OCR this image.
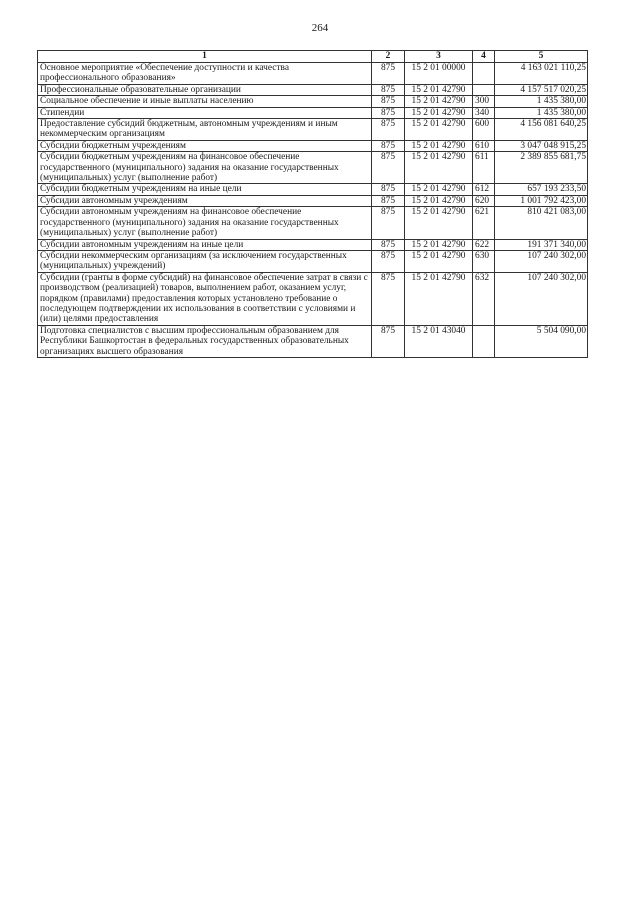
264
1	2	3	4	5
Основное мероприятие «Обеспечение доступности и качества профессионального образования»	875	15 2 01 00000		4 163 021 110,25
Профессиональные образовательные организации	875	15 2 01 42790		4 157 517 020,25
Социальное обеспечение и иные выплаты населению	875	15 2 01 42790	300	1 435 380,00
Стипендии	875	15 2 01 42790	340	1 435 380,00
Предоставление субсидий бюджетным, автономным учреждениям и иным некоммерческим организациям	875	15 2 01 42790	600	4 156 081 640,25
Субсидии бюджетным учреждениям	875	15 2 01 42790	610	3 047 048 915,25
Субсидии бюджетным учреждениям на финансовое обеспечение государственного (муниципального) задания на оказание государственных (муниципальных) услуг (выполнение работ)	875	15 2 01 42790	611	2 389 855 681,75
Субсидии бюджетным учреждениям на иные цели	875	15 2 01 42790	612	657 193 233,50
Субсидии автономным учреждениям	875	15 2 01 42790	620	1 001 792 423,00
Субсидии автономным учреждениям на финансовое обеспечение государственного (муниципального) задания на оказание государственных (муниципальных) услуг (выполнение работ)	875	15 2 01 42790	621	810 421 083,00
Субсидии автономным учреждениям на иные цели	875	15 2 01 42790	622	191 371 340,00
Субсидии некоммерческим организациям (за исключением государственных (муниципальных) учреждений)	875	15 2 01 42790	630	107 240 302,00
Субсидии (гранты в форме субсидий) на финансовое обеспечение затрат в связи с производством (реализацией) товаров, выполнением работ, оказанием услуг, порядком (правилами) предоставления которых установлено требование о последующем подтверждении их использования в соответствии с условиями и (или) целями предоставления	875	15 2 01 42790	632	107 240 302,00
Подготовка специалистов с высшим профессиональным образованием для Республики Башкортостан в федеральных государственных образовательных организациях высшего образования	875	15 2 01 43040		5 504 090,00
